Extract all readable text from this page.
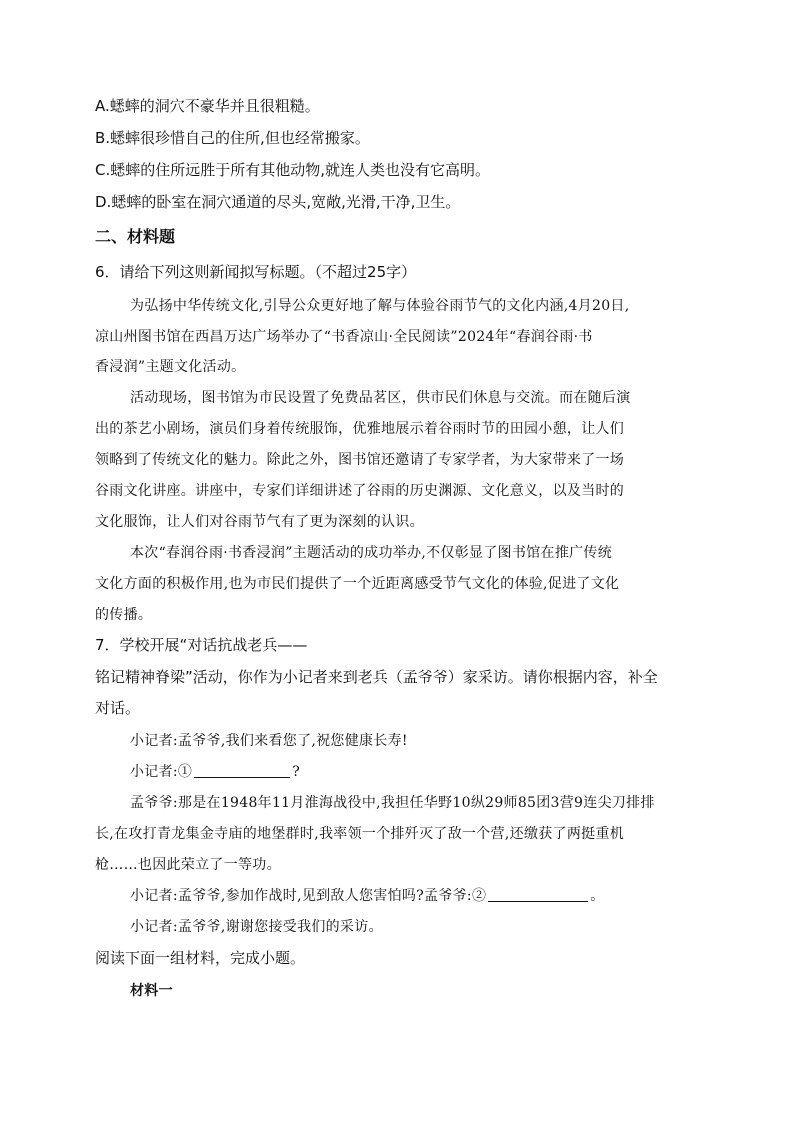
A.蟋蟀的洞穴不豪华并且很粗糙。
B.蟋蟀很珍惜自己的住所,但也经常搬家。
C.蟋蟀的住所远胜于所有其他动物,就连人类也没有它高明。
D.蟋蟀的卧室在洞穴通道的尽头,宽敞,光滑,干净,卫生。
二、材料题
6．请给下列这则新闻拟写标题。（不超过25字）
为弘扬中华传统文化,引导公众更好地了解与体验谷雨节气的文化内涵,4月20日,
凉山州图书馆在西昌万达广场举办了“书香凉山·全民阅读”2024年“春润谷雨·书
香浸润”主题文化活动。
活动现场，图书馆为市民设置了免费品茗区，供市民们休息与交流。而在随后演
出的茶艺小剧场，演员们身着传统服饰，优雅地展示着谷雨时节的田园小憩，让人们
领略到了传统文化的魅力。除此之外，图书馆还邀请了专家学者，为大家带来了一场
谷雨文化讲座。讲座中，专家们详细讲述了谷雨的历史渊源、文化意义，以及当时的
文化服饰，让人们对谷雨节气有了更为深刻的认识。
本次“春润谷雨·书香浸润”主题活动的成功举办,不仅彰显了图书馆在推广传统
文化方面的积极作用,也为市民们提供了一个近距离感受节气文化的体验,促进了文化
的传播。
7．学校开展“对话抗战老兵——
铭记精神脊梁”活动，你作为小记者来到老兵（孟爷爷）家采访。请你根据内容，补全
对话。
小记者:孟爷爷,我们来看您了,祝您健康长寿!
小记者:①	?
孟爷爷:那是在1948年11月淮海战役中,我担任华野10纵29师85团3营9连尖刀排排
长,在攻打青龙集金寺庙的地堡群时,我率领一个排歼灭了敌一个营,还缴获了两挺重机
枪……也因此荣立了一等功。
小记者:孟爷爷,参加作战时,见到敌人您害怕吗?孟爷爷:②	。
小记者:孟爷爷,谢谢您接受我们的采访。
阅读下面一组材料，完成小题。
材料一
